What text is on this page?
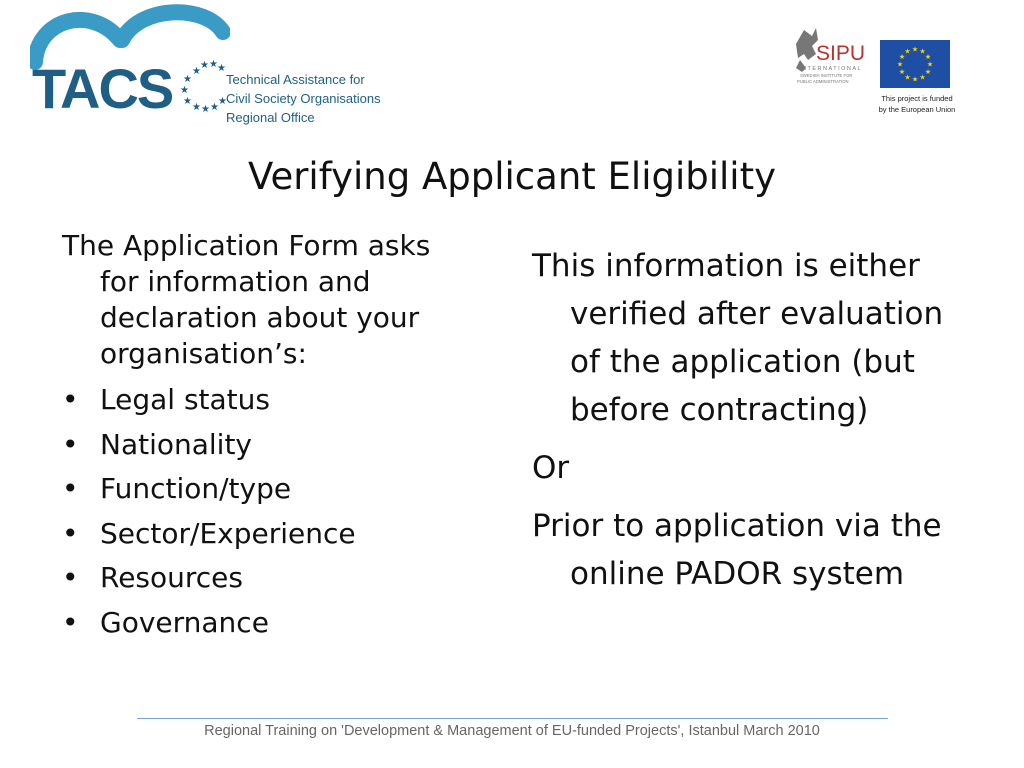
TACS ★
★ ★ ★
★
★
★
★ ★ ★
★
Technical Assistance for
Civil Society Organisations
Regional Office
SIPU
INTERNATIONAL
SWEDISH INSTITUTE FOR
PUBLIC ADMINISTRATION
★ ★
★
★
★
★
★
★
★
★
★
★
This project is funded
by the European Union
Verifying Applicant Eligibility

The Application Form asks for information and declaration about your organisation’s:

• Legal status
• Nationality
• Function/type
• Sector/Experience
• Resources
• Governance

This information is either verified after evaluation of the application (but before contracting)

Or

Prior to application via the online PADOR system

Regional Training on 'Development & Management of EU-funded Projects', Istanbul March 2010
